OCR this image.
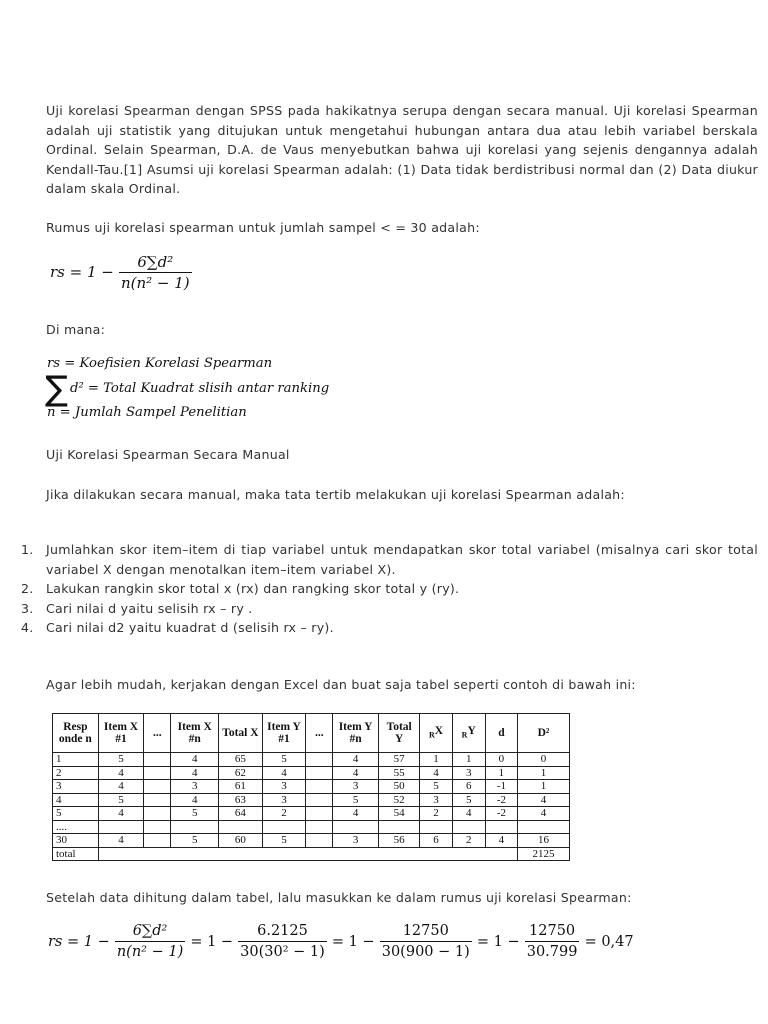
Uji korelasi Spearman dengan SPSS pada hakikatnya serupa dengan secara manual. Uji korelasi Spearman adalah uji statistik yang ditujukan untuk mengetahui hubungan antara dua atau lebih variabel berskala Ordinal. Selain Spearman, D.A. de Vaus menyebutkan bahwa uji korelasi yang sejenis dengannya adalah Kendall-Tau.[1] Asumsi uji korelasi Spearman adalah: (1) Data tidak berdistribusi normal dan (2) Data diukur dalam skala Ordinal.

Rumus uji korelasi spearman untuk jumlah sampel < = 30 adalah:

rs = $1 - \frac{\text{6∑d²}}{\text{n(n² − 1)}}$

Di mana:

rs = Koefisien Korelasi Spearman
∑ d² = Total Kuadrat slisih antar ranking
n = Jumlah Sampel Penelitian

Uji Korelasi Spearman Secara Manual

Jika dilakukan secara manual, maka tata tertib melakukan uji korelasi Spearman adalah:

1. Jumlahkan skor item–item di tiap variabel untuk mendapatkan skor total variabel (misalnya cari skor total variabel X dengan menotalkan item–item variabel X).
2. Lakukan rangkin skor total x (rx) dan rangking skor total y (ry).
3. Cari nilai d yaitu selisih rx – ry .
4. Cari nilai d2 yaitu kuadrat d (selisih rx – ry).

Agar lebih mudah, kerjakan dengan Excel dan buat saja tabel seperti contoh di bawah ini:

Resp onde n	Item X #1	...	Item X #n	Total X	Item Y #1	...	Item Y #n	Total Y	$_R$X	$_R$Y	d	D²
1	5		4	65	5		4	57	1	1	0	0
2	4		4	62	4		4	55	4	3	1	1
3	4		3	61	3		3	50	5	6	-1	1
4	5		4	63	3		5	52	3	5	-2	4
5	4		5	64	2		4	54	2	4	-2	4
....												
30	4		5	60	5		3	56	6	2	4	16
total												2125

Setelah data dihitung dalam tabel, lalu masukkan ke dalam rumus uji korelasi Spearman:

rs = $1 - \frac{\text{6∑d²}}{\text{n(n² − 1)}} = 1 - \frac{6.2125}{\text{30(30² − 1)}} = 1 - \frac{12750}{30(900 - 1)} = 1 - \frac{12750}{30.799} = 0,47$
